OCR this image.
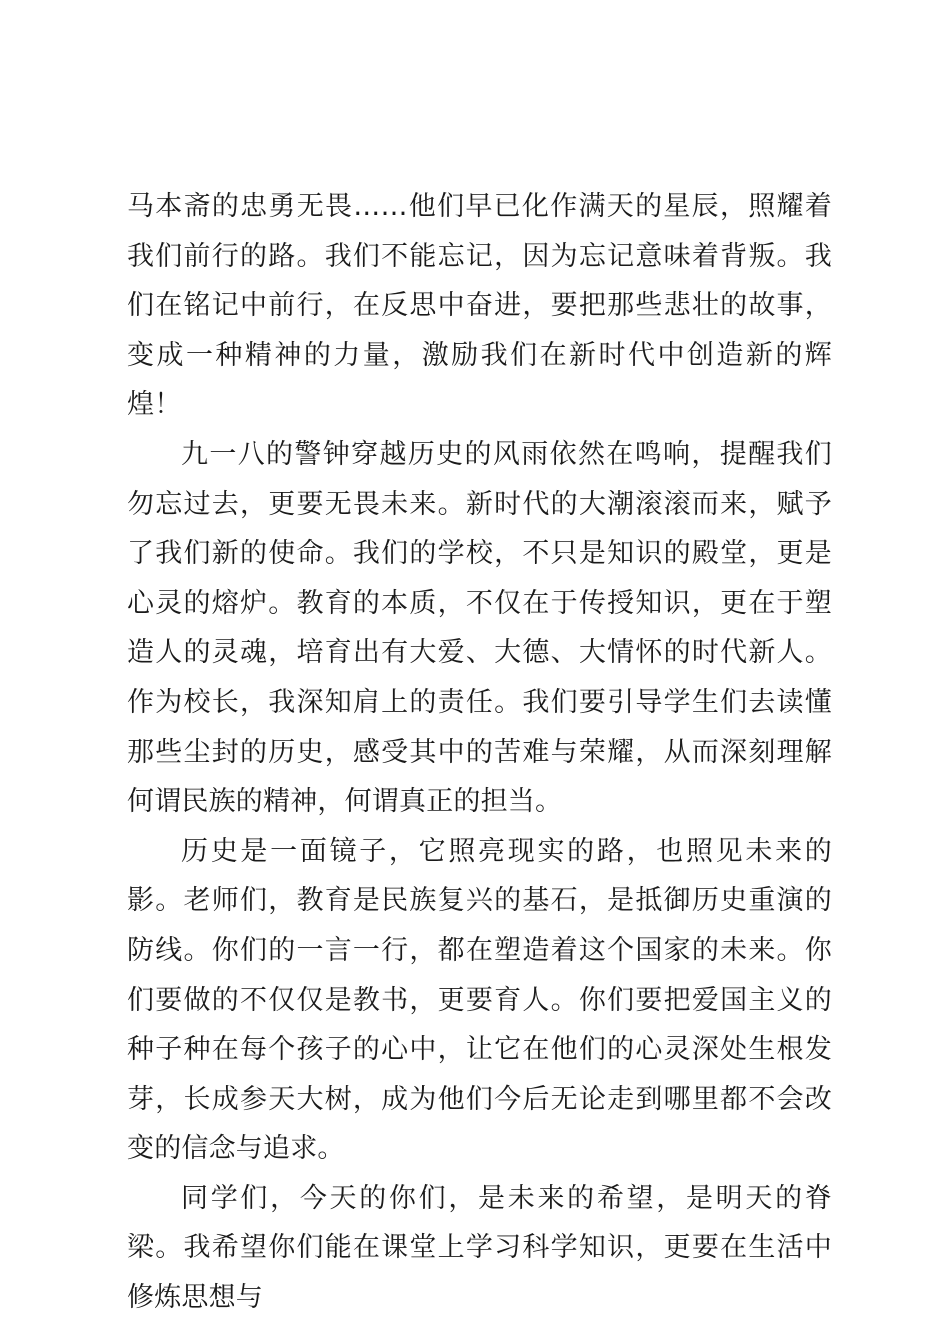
马本斋的忠勇无畏……他们早已化作满天的星辰，照耀着我们前行的路。我们不能忘记，因为忘记意味着背叛。我们在铭记中前行，在反思中奋进，要把那些悲壮的故事，变成一种精神的力量，激励我们在新时代中创造新的辉煌！

九一八的警钟穿越历史的风雨依然在鸣响，提醒我们勿忘过去，更要无畏未来。新时代的大潮滚滚而来，赋予了我们新的使命。我们的学校，不只是知识的殿堂，更是心灵的熔炉。教育的本质，不仅在于传授知识，更在于塑造人的灵魂，培育出有大爱、大德、大情怀的时代新人。作为校长，我深知肩上的责任。我们要引导学生们去读懂那些尘封的历史，感受其中的苦难与荣耀，从而深刻理解何谓民族的精神，何谓真正的担当。

历史是一面镜子，它照亮现实的路，也照见未来的影。老师们，教育是民族复兴的基石，是抵御历史重演的防线。你们的一言一行，都在塑造着这个国家的未来。你们要做的不仅仅是教书，更要育人。你们要把爱国主义的种子种在每个孩子的心中，让它在他们的心灵深处生根发芽，长成参天大树，成为他们今后无论走到哪里都不会改变的信念与追求。

同学们，今天的你们，是未来的希望，是明天的脊梁。我希望你们能在课堂上学习科学知识，更要在生活中修炼思想与
